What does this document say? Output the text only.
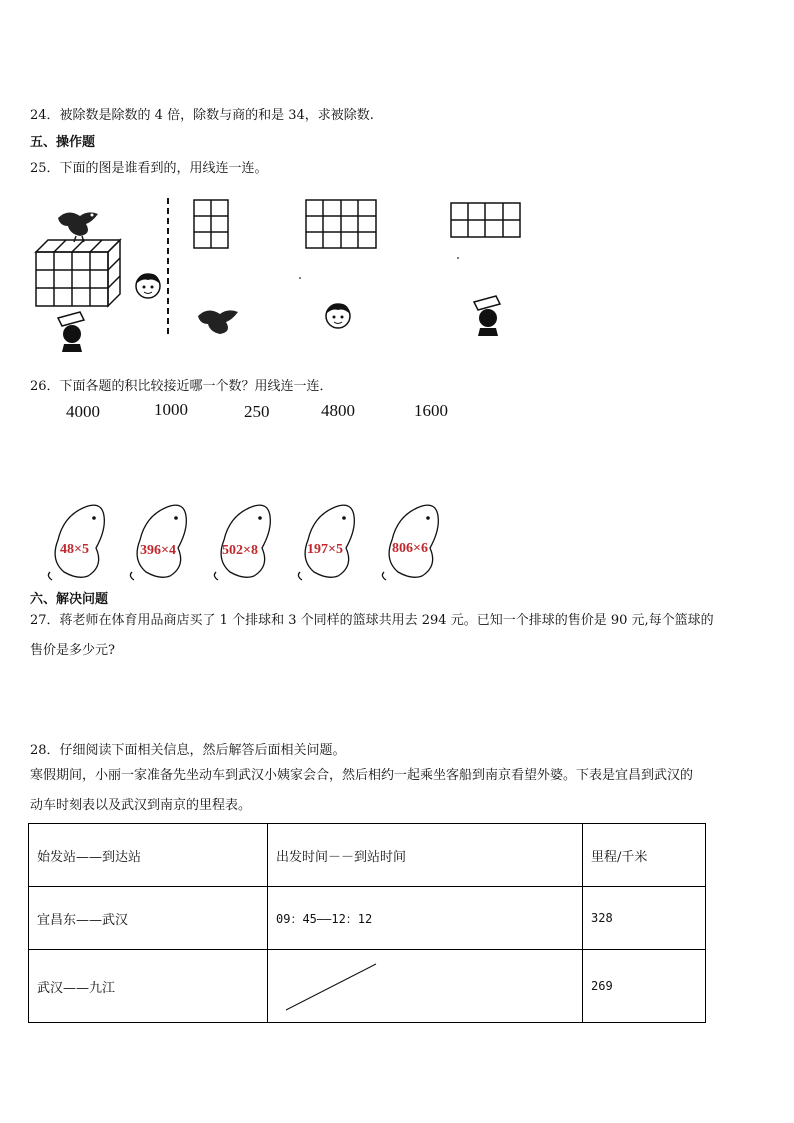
24．被除数是除数的 4 倍，除数与商的和是 34，求被除数.
五、操作题
25．下面的图是谁看到的，用线连一连。
26．下面各题的积比较接近哪一个数？用线连一连．
4000	1000	250	4800	1600
48×5	396×4	502×8	197×5	806×6
六、解决问题
27．蒋老师在体育用品商店买了 1 个排球和 3 个同样的篮球共用去 294 元。已知一个排球的售价是 90 元,每个篮球的
售价是多少元?
28．仔细阅读下面相关信息，然后解答后面相关问题。
寒假期间，小丽一家准备先坐动车到武汉小姨家会合，然后相约一起乘坐客船到南京看望外婆。下表是宜昌到武汉的
动车时刻表以及武汉到南京的里程表。
始发站——到达站	出发时间－－到站时间	里程/千米
宜昌东——武汉	09：45——12：12	328
武汉——九江		269
